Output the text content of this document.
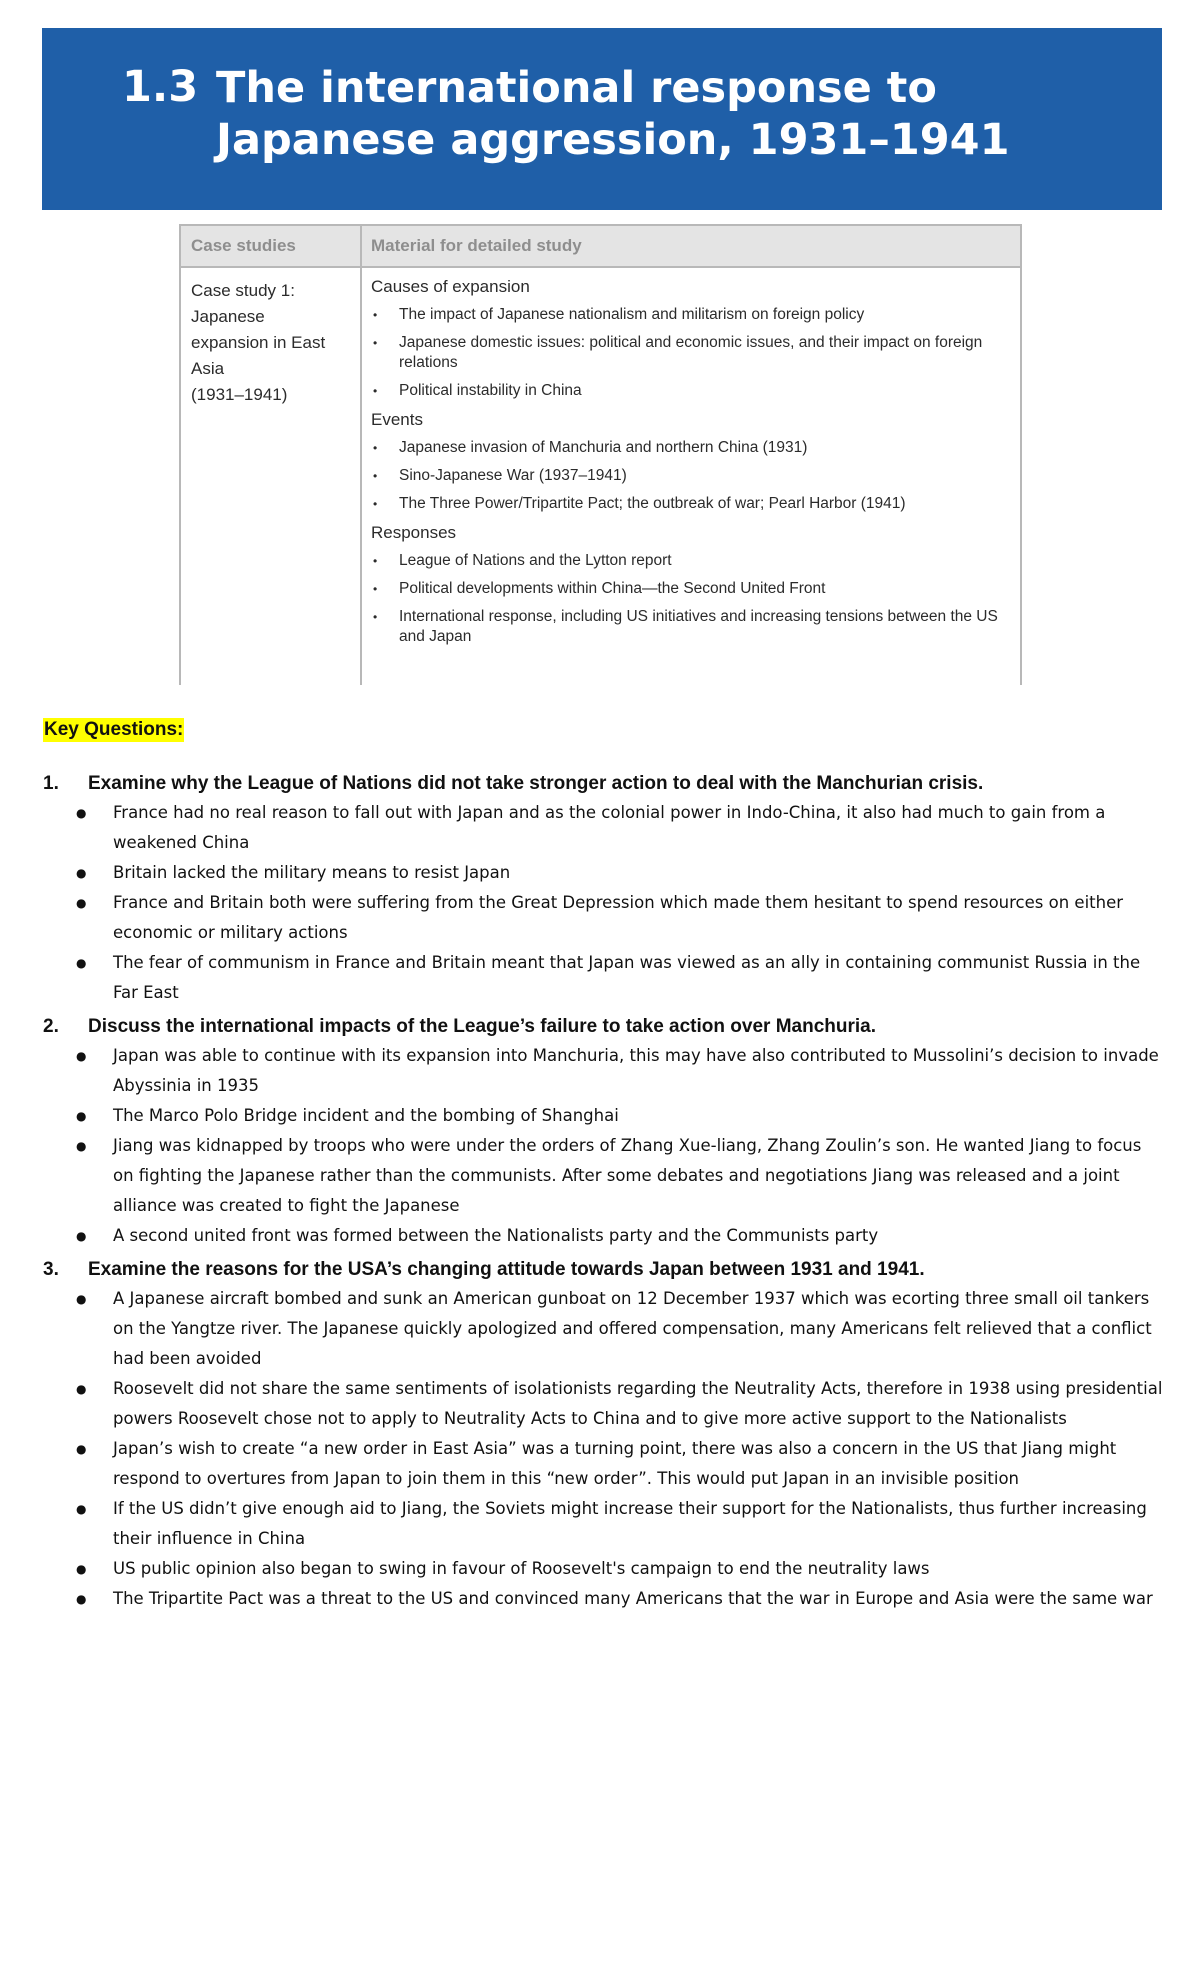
1.3 The international response to Japanese aggression, 1931–1941
Case studies	Material for detailed study
Case study 1:
Japanese
expansion in East
Asia
(1931–1941)
Causes of expansion
• The impact of Japanese nationalism and militarism on foreign policy
• Japanese domestic issues: political and economic issues, and their impact on foreign relations
• Political instability in China
Events
• Japanese invasion of Manchuria and northern China (1931)
• Sino-Japanese War (1937–1941)
• The Three Power/Tripartite Pact; the outbreak of war; Pearl Harbor (1941)
Responses
• League of Nations and the Lytton report
• Political developments within China—the Second United Front
• International response, including US initiatives and increasing tensions between the US and Japan
Key Questions:
1. Examine why the League of Nations did not take stronger action to deal with the Manchurian crisis.
● France had no real reason to fall out with Japan and as the colonial power in Indo-China, it also had much to gain from a weakened China
● Britain lacked the military means to resist Japan
● France and Britain both were suffering from the Great Depression which made them hesitant to spend resources on either economic or military actions
● The fear of communism in France and Britain meant that Japan was viewed as an ally in containing communist Russia in the Far East
2. Discuss the international impacts of the League’s failure to take action over Manchuria.
● Japan was able to continue with its expansion into Manchuria, this may have also contributed to Mussolini’s decision to invade Abyssinia in 1935
● The Marco Polo Bridge incident and the bombing of Shanghai
● Jiang was kidnapped by troops who were under the orders of Zhang Xue-liang, Zhang Zoulin’s son. He wanted Jiang to focus on fighting the Japanese rather than the communists. After some debates and negotiations Jiang was released and a joint alliance was created to fight the Japanese
● A second united front was formed between the Nationalists party and the Communists party
3. Examine the reasons for the USA’s changing attitude towards Japan between 1931 and 1941.
● A Japanese aircraft bombed and sunk an American gunboat on 12 December 1937 which was ecorting three small oil tankers on the Yangtze river. The Japanese quickly apologized and offered compensation, many Americans felt relieved that a conflict had been avoided
● Roosevelt did not share the same sentiments of isolationists regarding the Neutrality Acts, therefore in 1938 using presidential powers Roosevelt chose not to apply to Neutrality Acts to China and to give more active support to the Nationalists
● Japan’s wish to create “a new order in East Asia” was a turning point, there was also a concern in the US that Jiang might respond to overtures from Japan to join them in this “new order”. This would put Japan in an invisible position
● If the US didn’t give enough aid to Jiang, the Soviets might increase their support for the Nationalists, thus further increasing their influence in China
● US public opinion also began to swing in favour of Roosevelt's campaign to end the neutrality laws
● The Tripartite Pact was a threat to the US and convinced many Americans that the war in Europe and Asia were the same war
